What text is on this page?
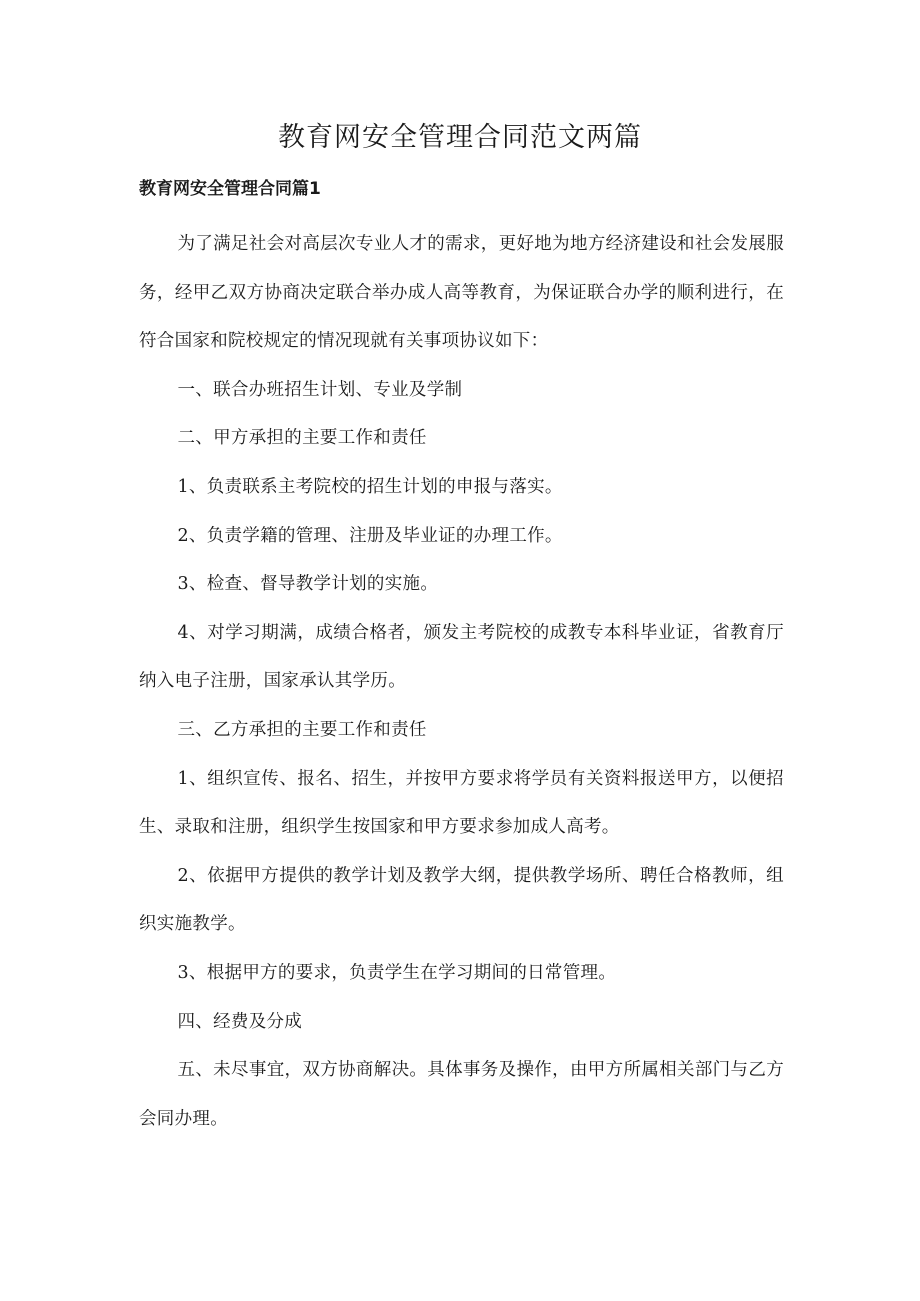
教育网安全管理合同范文两篇
教育网安全管理合同篇1

为了满足社会对高层次专业人才的需求，更好地为地方经济建设和社会发展服务，经甲乙双方协商决定联合举办成人高等教育，为保证联合办学的顺利进行，在符合国家和院校规定的情况现就有关事项协议如下：

一、联合办班招生计划、专业及学制

二、甲方承担的主要工作和责任

1、负责联系主考院校的招生计划的申报与落实。

2、负责学籍的管理、注册及毕业证的办理工作。

3、检查、督导教学计划的实施。

4、对学习期满，成绩合格者，颁发主考院校的成教专本科毕业证，省教育厅纳入电子注册，国家承认其学历。

三、乙方承担的主要工作和责任

1、组织宣传、报名、招生，并按甲方要求将学员有关资料报送甲方，以便招生、录取和注册，组织学生按国家和甲方要求参加成人高考。

2、依据甲方提供的教学计划及教学大纲，提供教学场所、聘任合格教师，组织实施教学。

3、根据甲方的要求，负责学生在学习期间的日常管理。

四、经费及分成

五、未尽事宜，双方协商解决。具体事务及操作，由甲方所属相关部门与乙方会同办理。
